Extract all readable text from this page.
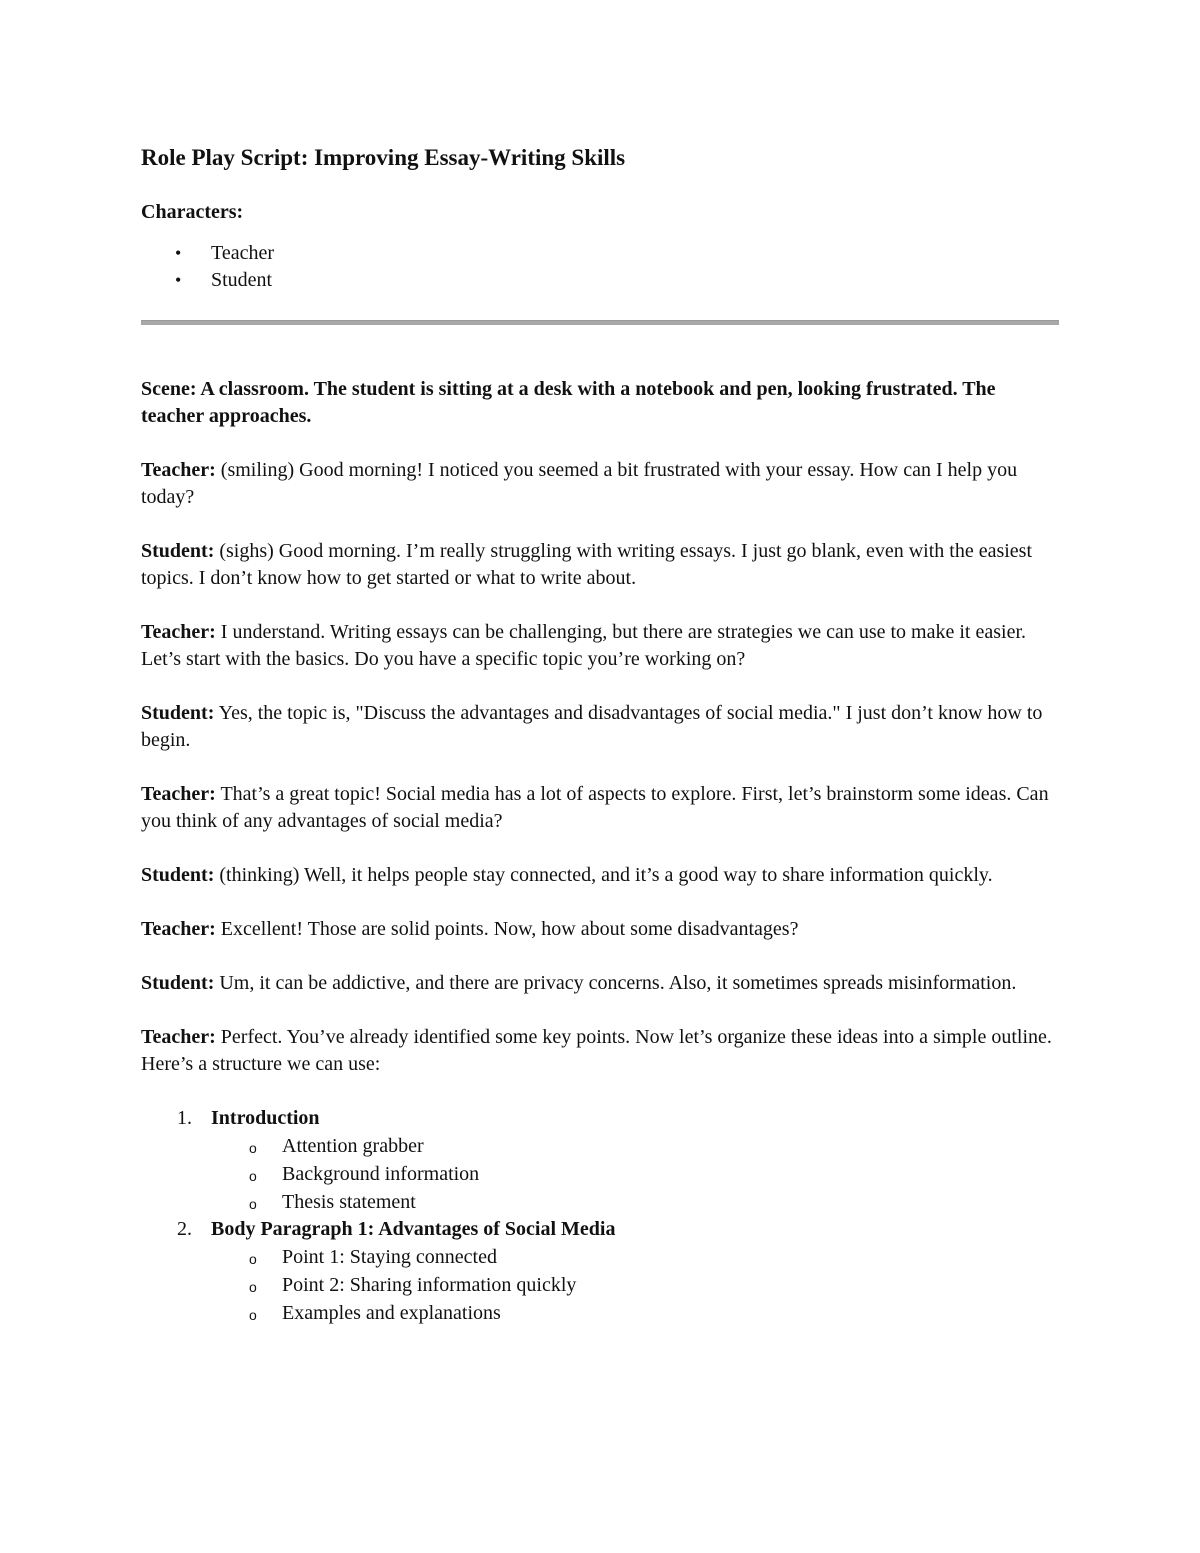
Role Play Script: Improving Essay-Writing Skills
Characters:
• Teacher
• Student
Scene: A classroom. The student is sitting at a desk with a notebook and pen, looking frustrated. The teacher approaches.
Teacher: (smiling) Good morning! I noticed you seemed a bit frustrated with your essay. How can I help you today?
Student: (sighs) Good morning. I’m really struggling with writing essays. I just go blank, even with the easiest topics. I don’t know how to get started or what to write about.
Teacher: I understand. Writing essays can be challenging, but there are strategies we can use to make it easier. Let’s start with the basics. Do you have a specific topic you’re working on?
Student: Yes, the topic is, "Discuss the advantages and disadvantages of social media." I just don’t know how to begin.
Teacher: That’s a great topic! Social media has a lot of aspects to explore. First, let’s brainstorm some ideas. Can you think of any advantages of social media?
Student: (thinking) Well, it helps people stay connected, and it’s a good way to share information quickly.
Teacher: Excellent! Those are solid points. Now, how about some disadvantages?
Student: Um, it can be addictive, and there are privacy concerns. Also, it sometimes spreads misinformation.
Teacher: Perfect. You’ve already identified some key points. Now let’s organize these ideas into a simple outline. Here’s a structure we can use:
1. Introduction
o Attention grabber
o Background information
o Thesis statement
2. Body Paragraph 1: Advantages of Social Media
o Point 1: Staying connected
o Point 2: Sharing information quickly
o Examples and explanations
